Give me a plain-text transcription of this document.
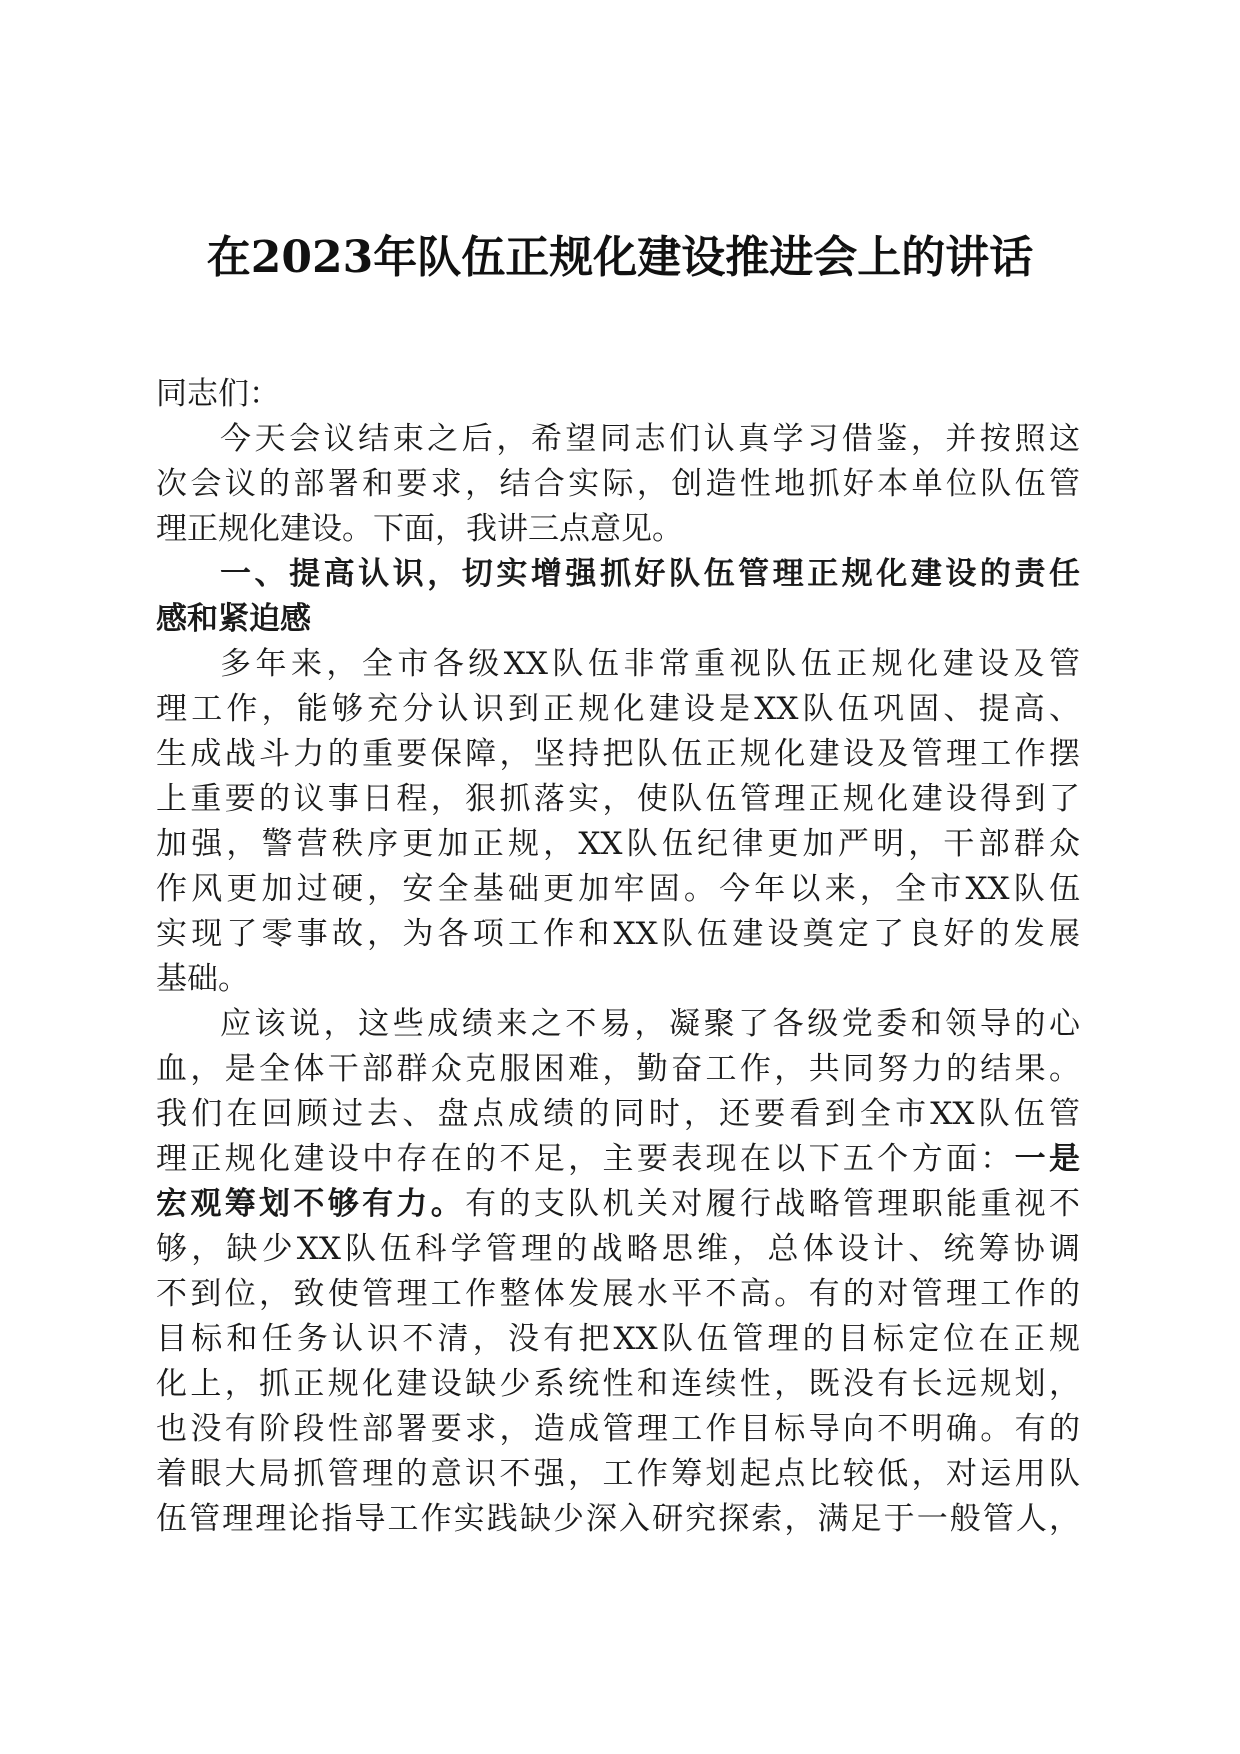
在2023年队伍正规化建设推进会上的讲话
同志们：
今天会议结束之后，希望同志们认真学习借鉴，并按照这
次会议的部署和要求，结合实际，创造性地抓好本单位队伍管
理正规化建设。下面，我讲三点意见。
一、提高认识，切实增强抓好队伍管理正规化建设的责任
感和紧迫感
多年来，全市各级XX队伍非常重视队伍正规化建设及管
理工作，能够充分认识到正规化建设是XX队伍巩固、提高、
生成战斗力的重要保障，坚持把队伍正规化建设及管理工作摆
上重要的议事日程，狠抓落实，使队伍管理正规化建设得到了
加强，警营秩序更加正规，XX队伍纪律更加严明，干部群众
作风更加过硬，安全基础更加牢固。今年以来，全市XX队伍
实现了零事故，为各项工作和XX队伍建设奠定了良好的发展
基础。
应该说，这些成绩来之不易，凝聚了各级党委和领导的心
血，是全体干部群众克服困难，勤奋工作，共同努力的结果。
我们在回顾过去、盘点成绩的同时，还要看到全市XX队伍管
理正规化建设中存在的不足，主要表现在以下五个方面：一是
宏观筹划不够有力。有的支队机关对履行战略管理职能重视不
够，缺少XX队伍科学管理的战略思维，总体设计、统筹协调
不到位，致使管理工作整体发展水平不高。有的对管理工作的
目标和任务认识不清，没有把XX队伍管理的目标定位在正规
化上，抓正规化建设缺少系统性和连续性，既没有长远规划，
也没有阶段性部署要求，造成管理工作目标导向不明确。有的
着眼大局抓管理的意识不强，工作筹划起点比较低，对运用队
伍管理理论指导工作实践缺少深入研究探索，满足于一般管人，
